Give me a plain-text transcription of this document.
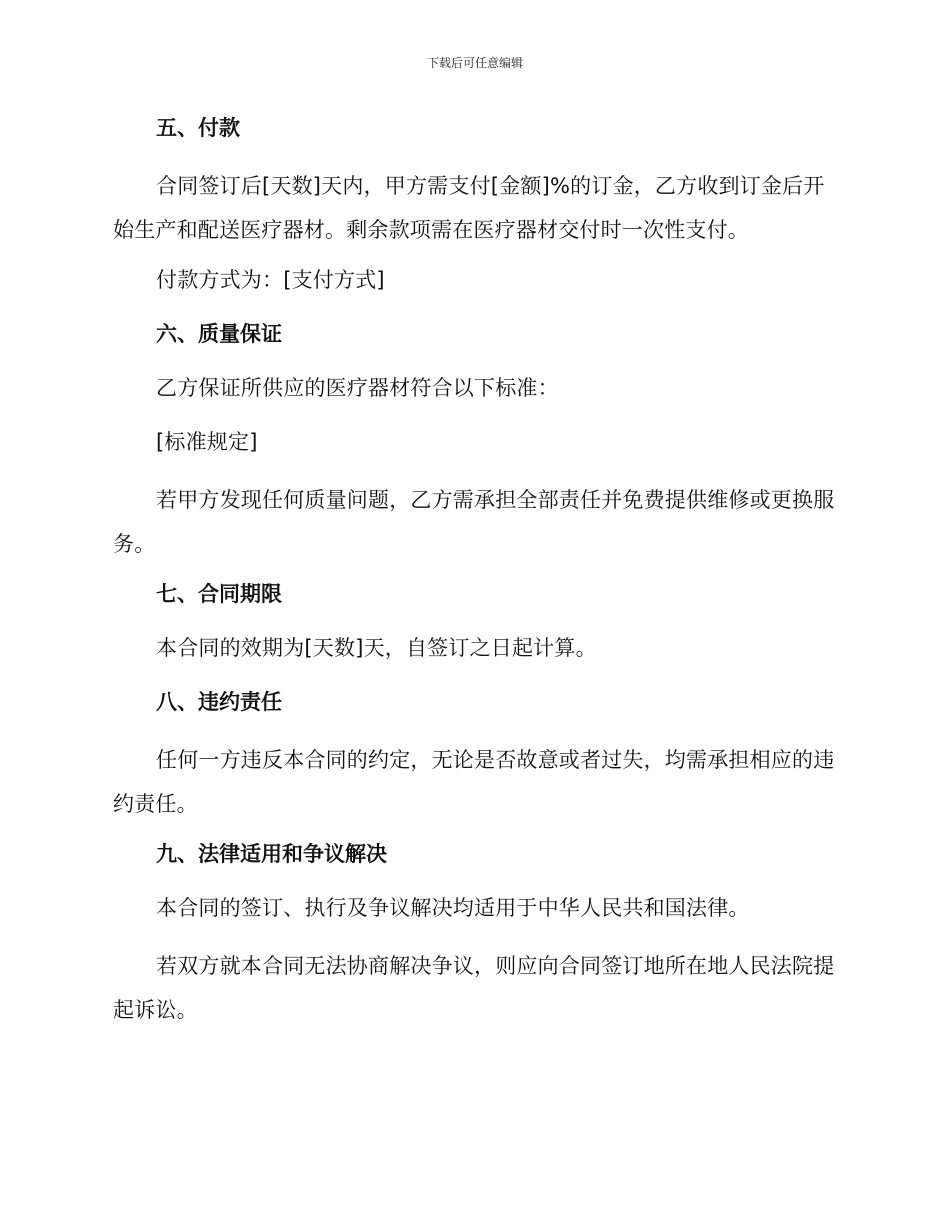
下载后可任意编辑
五、付款

合同签订后[天数]天内，甲方需支付[金额]%的订金，乙方收到订金后开始生产和配送医疗器材。剩余款项需在医疗器材交付时一次性支付。

付款方式为：[支付方式]

六、质量保证

乙方保证所供应的医疗器材符合以下标准：

[标准规定]

若甲方发现任何质量问题，乙方需承担全部责任并免费提供维修或更换服务。

七、合同期限

本合同的效期为[天数]天，自签订之日起计算。

八、违约责任

任何一方违反本合同的约定，无论是否故意或者过失，均需承担相应的违约责任。

九、法律适用和争议解决

本合同的签订、执行及争议解决均适用于中华人民共和国法律。

若双方就本合同无法协商解决争议，则应向合同签订地所在地人民法院提起诉讼。
